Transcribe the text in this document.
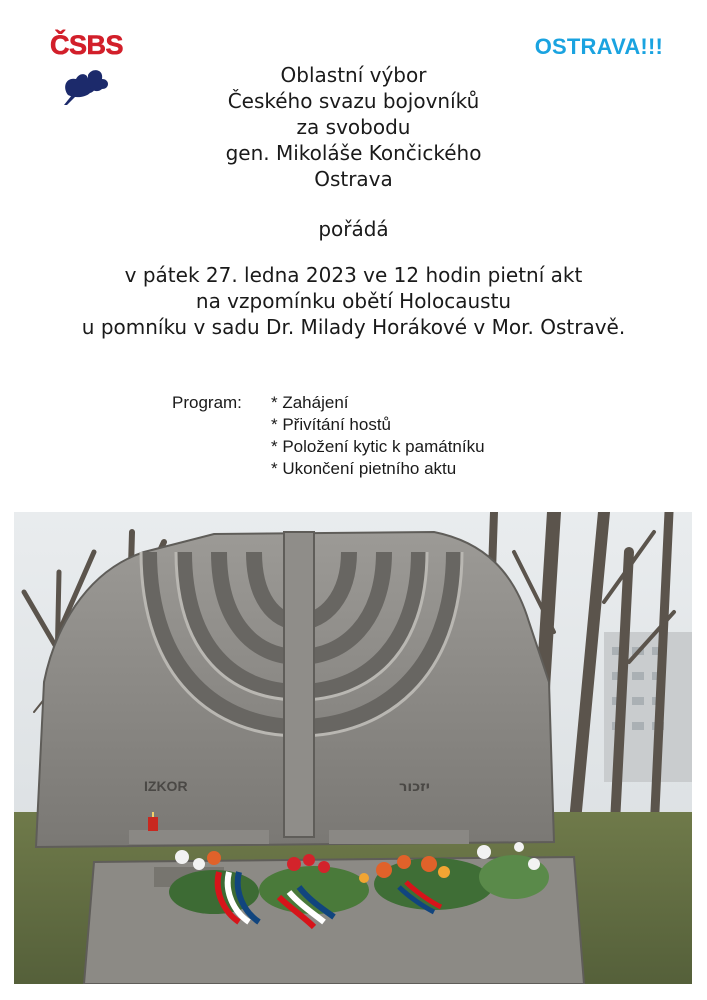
ČSBS	OSTRAVA!!!
Oblastní výbor
Českého svazu bojovníků
za svobodu
gen. Mikoláše Končického
Ostrava
pořádá
v pátek 27. ledna 2023 ve 12 hodin pietní akt
na vzpomínku obětí Holocaustu
u pomníku v sadu Dr. Milady Horákové v Mor. Ostravě.
Program: * Zahájení
* Přivítání hostů
* Položení kytic k památníku
* Ukončení pietního aktu
IZKOR	יזכור
